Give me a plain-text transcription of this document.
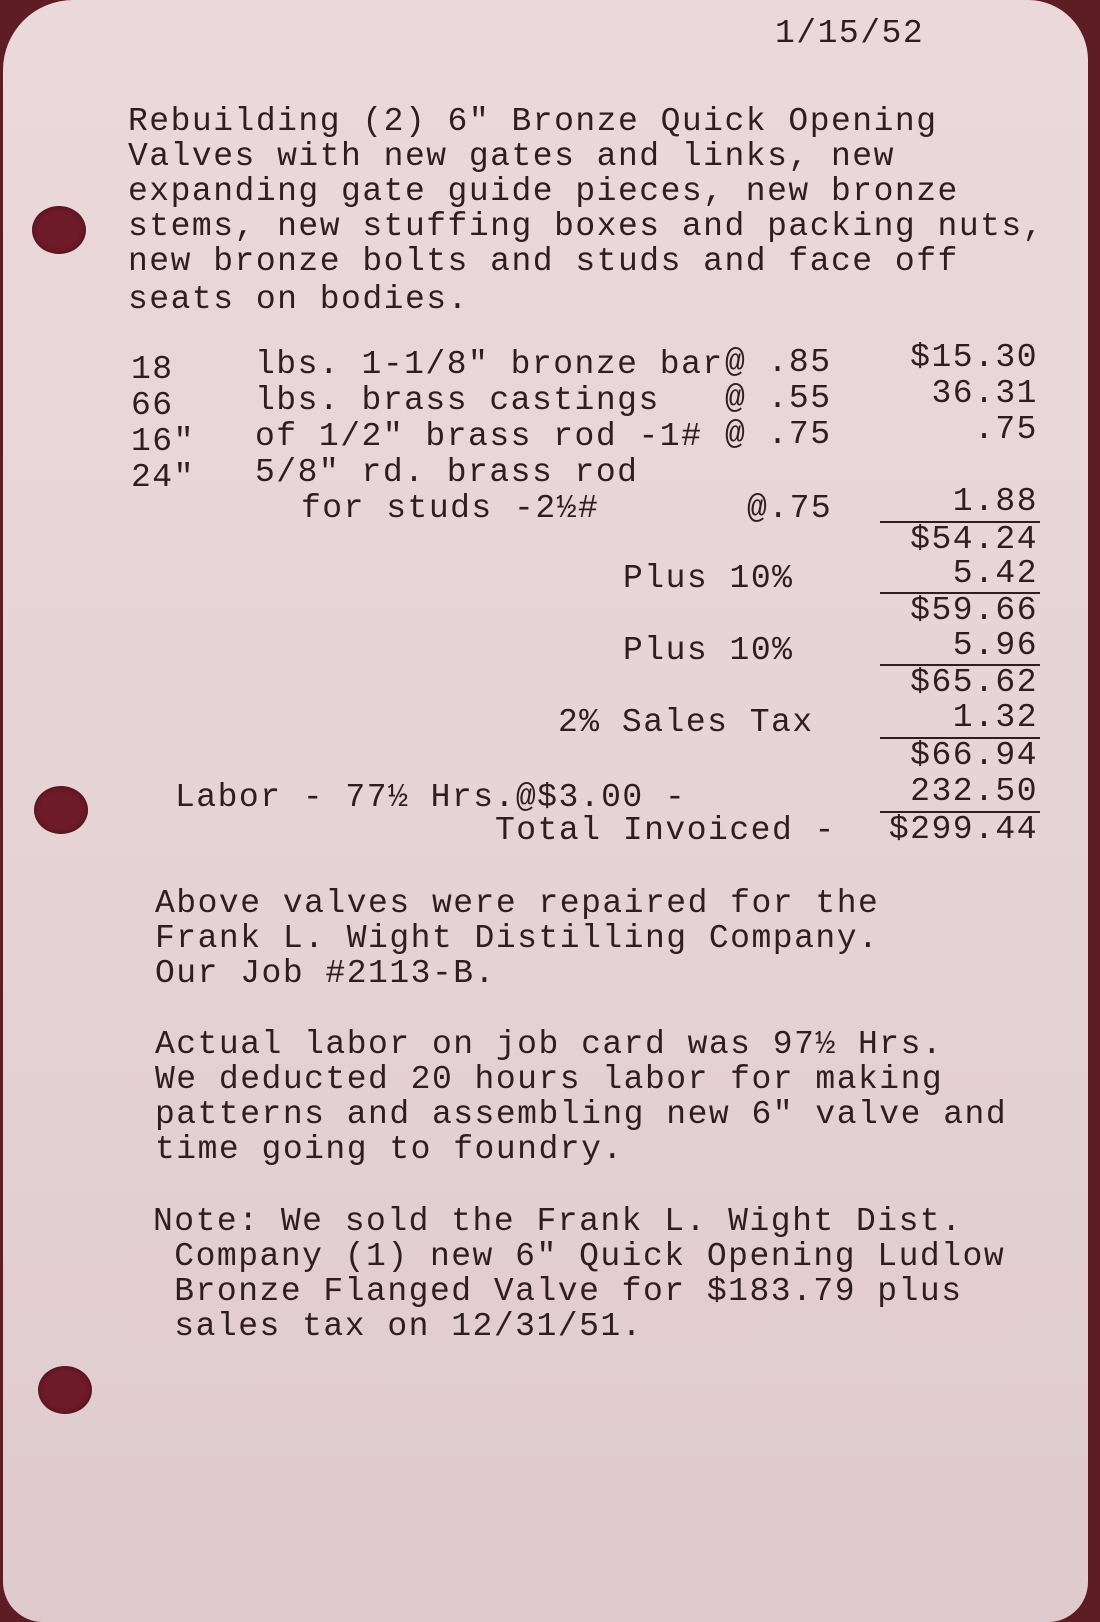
1/15/52
Rebuilding (2) 6" Bronze Quick Opening
Valves with new gates and links, new
expanding gate guide pieces, new bronze
stems, new stuffing boxes and packing nuts,
new bronze bolts and studs and face off
seats on bodies.
18 lbs. 1-1/8" bronze bar @ .85	$15.30
66 lbs. brass castings @ .55	36.31
16" of 1/2" brass rod -1# @ .75	.75
24" 5/8" rd. brass rod
for studs -2½#	@.75	1.88
$54.24
Plus 10%	5.42
$59.66
Plus 10%	5.96
$65.62
2% Sales Tax	1.32
$66.94
Labor - 77½ Hrs.@$3.00 -	232.50
Total Invoiced -	$299.44
Above valves were repaired for the
Frank L. Wight Distilling Company.
Our Job #2113-B.
Actual labor on job card was 97½ Hrs.
We deducted 20 hours labor for making
patterns and assembling new 6" valve and
time going to foundry.
Note: We sold the Frank L. Wight Dist.
Company (1) new 6" Quick Opening Ludlow
Bronze Flanged Valve for $183.79 plus
sales tax on 12/31/51.
